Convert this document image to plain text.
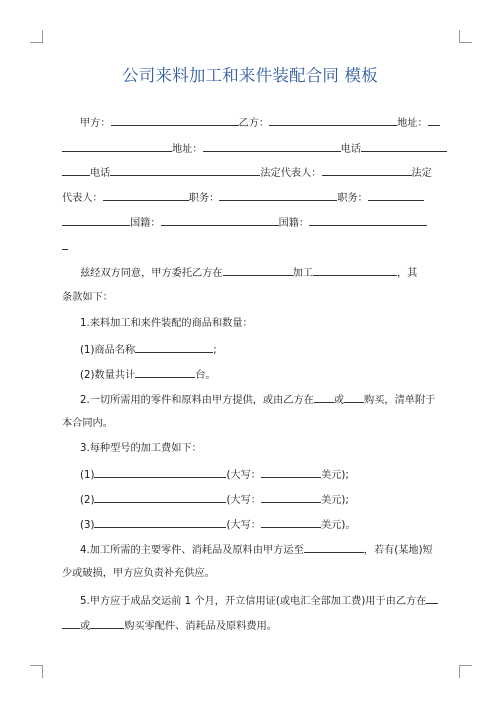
公司来料加工和来件装配合同 模板
甲方：	乙方：	地址：
地址：	电话
电话	法定代表人：	法定
代表人：	职务：	职务：
国籍：	国籍：
兹经双方同意，甲方委托乙方在	加工	，其
条款如下：
1.来料加工和来件装配的商品和数量：
(1)商品名称	;
(2)数量共计	台。
2.一切所需用的零件和原料由甲方提供，或由乙方在 或 购买，清单附于
本合同内。
3.每种型号的加工费如下：
(1)	(大写：	美元);
(2)	(大写：	美元);
(3)	(大写：	美元)。
4.加工所需的主要零件、消耗品及原料由甲方运至	，若有(某地)短
少或破损，甲方应负责补充供应。
5.甲方应于成品交运前 1 个月，开立信用证(或电汇全部加工费)用于由乙方在
或	购买零配件、消耗品及原料费用。
